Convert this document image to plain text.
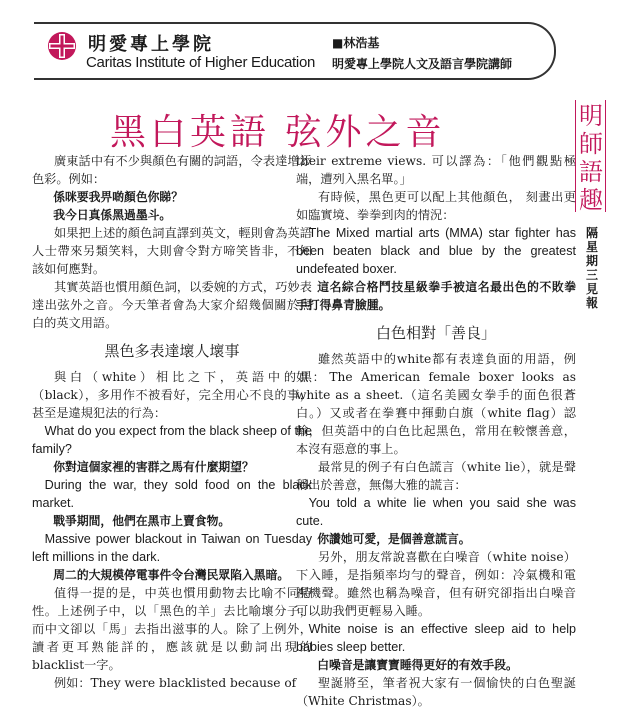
明愛專上學院
Caritas Institute of Higher Education
■林浩基
明愛專上學院人文及語言學院講師
黑白英語 弦外之音	明
師
語
趣
隔
星
期
三
見
報

廣東話中有不少與顏色有關的詞語，令表達增添色彩。例如：

係咪要我畀啲顏色你睇？

我今日真係黑過墨斗。

如果把上述的顏色詞直譯到英文，輕則會為英語人士帶來另類笑料，大則會令對方啼笑皆非，不知該如何應對。

其實英語也慣用顏色詞，以委婉的方式，巧妙表達出弦外之音。今天筆者會為大家介紹幾個關於黑白的英文用語。

黑色多表達壞人壞事

與白（white）相比之下，英語中的黑（black），多用作不被看好，完全用心不良的事，甚至是違規犯法的行為：

What do you expect from the black sheep of the family?

你對這個家裡的害群之馬有什麼期望？

During the war, they sold food on the black market.

戰爭期間，他們在黑市上賣食物。

Massive power blackout in Taiwan on Tuesday left millions in the dark.

周二的大規模停電事件令台灣民眾陷入黑暗。

值得一提的是，中英也慣用動物去比喻不同特性。上述例子中，以「黑色的羊」去比喻壞分子，而中文卻以「馬」去指出滋事的人。除了上例外，讀者更耳熟能詳的，應該就是以動詞出現的blacklist一字。

例如：They were blacklisted because of

their extreme views. 可以譯為：「他們觀點極端，遭列入黑名單。」

有時候，黑色更可以配上其他顏色， 刻畫出更如臨實境、拳拳到肉的情況：

The Mixed martial arts (MMA) star fighter has been beaten black and blue by the greatest undefeated boxer.

這名綜合格鬥技星級拳手被這名最出色的不敗拳手打得鼻青臉腫。

白色相對「善良」

雖然英語中的white都有表達負面的用語，例如：The American female boxer looks as white as a sheet.（這名美國女拳手的面色很蒼白。）又或者在拳賽中揮動白旗（white flag）認輸，但英語中的白色比起黑色，常用在較懷善意，本沒有惡意的事上。

最常見的例子有白色謊言（white lie），就是聲稱出於善意，無傷大雅的謊言：

You told a white lie when you said she was cute.

你讚她可愛，是個善意謊言。

另外，朋友常說喜歡在白噪音（white noise）下入睡，是指頻率均勻的聲音，例如：冷氣機和電視機聲。雖然也稱為噪音，但有研究卻指出白噪音可以助我們更輕易入睡。

White noise is an effective sleep aid to help babies sleep better.

白噪音是讓寶寶睡得更好的有效手段。

聖誕將至，筆者祝大家有一個愉快的白色聖誕（White Christmas）。
